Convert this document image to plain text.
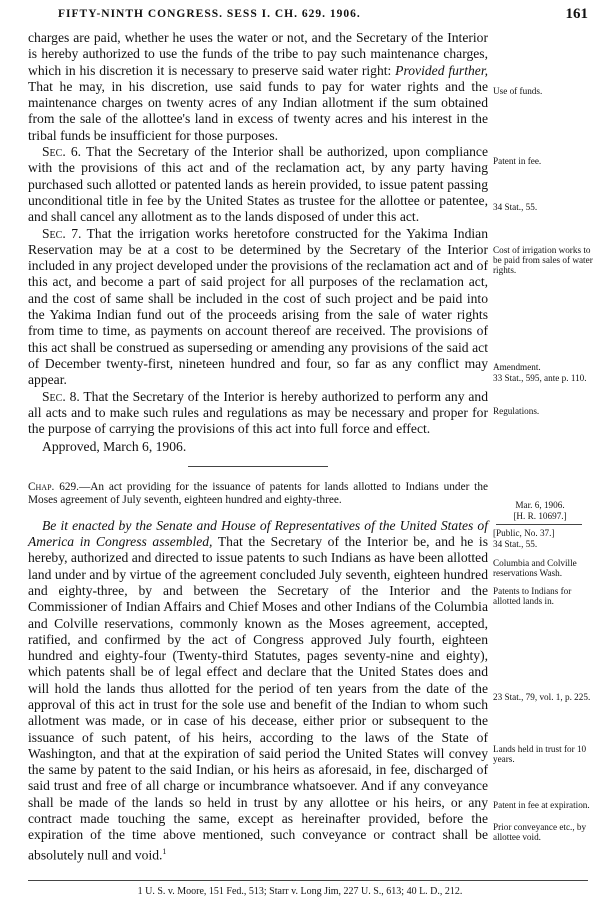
FIFTY-NINTH CONGRESS. SESS I. CH. 629. 1906.	161

charges are paid, whether he uses the water or not, and the Secretary of the Interior is hereby authorized to use the funds of the tribe to pay such maintenance charges, which in his discretion it is necessary to preserve said water right: Provided further, That he may, in his discretion, use said funds to pay for water rights and the maintenance charges on twenty acres of any Indian allotment if the sum obtained from the sale of the allottee's land in excess of twenty acres and his interest in the tribal funds be insufficient for those purposes.

Sec. 6. That the Secretary of the Interior shall be authorized, upon compliance with the provisions of this act and of the reclamation act, by any party having purchased such allotted or patented lands as herein provided, to issue patent passing unconditional title in fee by the United States as trustee for the allottee or patentee, and shall cancel any allotment as to the lands disposed of under this act.

Sec. 7. That the irrigation works heretofore constructed for the Yakima Indian Reservation may be at a cost to be determined by the Secretary of the Interior included in any project developed under the provisions of the reclamation act and of this act, and become a part of said project for all purposes of the reclamation act, and the cost of same shall be included in the cost of such project and be paid into the Yakima Indian fund out of the proceeds arising from the sale of water rights from time to time, as payments on account thereof are received. The provisions of this act shall be construed as superseding or amending any provisions of the said act of December twenty-first, nineteen hundred and four, so far as any conflict may appear.

Sec. 8. That the Secretary of the Interior is hereby authorized to perform any and all acts and to make such rules and regulations as may be necessary and proper for the purpose of carrying the provisions of this act into full force and effect.

Approved, March 6, 1906.

Chap. 629.—An act providing for the issuance of patents for lands allotted to Indians under the Moses agreement of July seventh, eighteen hundred and eighty-three.

Be it enacted by the Senate and House of Representatives of the United States of America in Congress assembled, That the Secretary of the Interior be, and he is hereby, authorized and directed to issue patents to such Indians as have been allotted land under and by virtue of the agreement concluded July seventh, eighteen hundred and eighty-three, by and between the Secretary of the Interior and the Commissioner of Indian Affairs and Chief Moses and other Indians of the Columbia and Colville reservations, commonly known as the Moses agreement, accepted, ratified, and confirmed by the act of Congress approved July fourth, eighteen hundred and eighty-four (Twenty-third Statutes, pages seventy-nine and eighty), which patents shall be of legal effect and declare that the United States does and will hold the lands thus allotted for the period of ten years from the date of the approval of this act in trust for the sole use and benefit of the Indian to whom such allotment was made, or in case of his decease, either prior or subsequent to the issuance of such patent, of his heirs, according to the laws of the State of Washington, and that at the expiration of said period the United States will convey the same by patent to the said Indian, or his heirs as aforesaid, in fee, discharged of said trust and free of all charge or incumbrance whatsoever. And if any conveyance shall be made of the lands so held in trust by any allottee or his heirs, or any contract made touching the same, except as hereinafter provided, before the expiration of the time above mentioned, such conveyance or contract shall be absolutely null and void.$^1$

Use of funds.
Patent in fee.
34 Stat., 55.
Cost of irrigation works to be paid from sales of water rights.
Amendment.
33 Stat., 595, ante p. 110.
Regulations.
Mar. 6, 1906.
[H. R. 10697.]
[Public, No. 37.]
34 Stat., 55.
Columbia and Colville reservations Wash.
Patents to Indians for allotted lands in.
23 Stat., 79, vol. 1, p. 225.
Lands held in trust for 10 years.
Patent in fee at expiration.
Prior conveyance etc., by allottee void.
1 U. S. v. Moore, 151 Fed., 513; Starr v. Long Jim, 227 U. S., 613; 40 L. D., 212.
